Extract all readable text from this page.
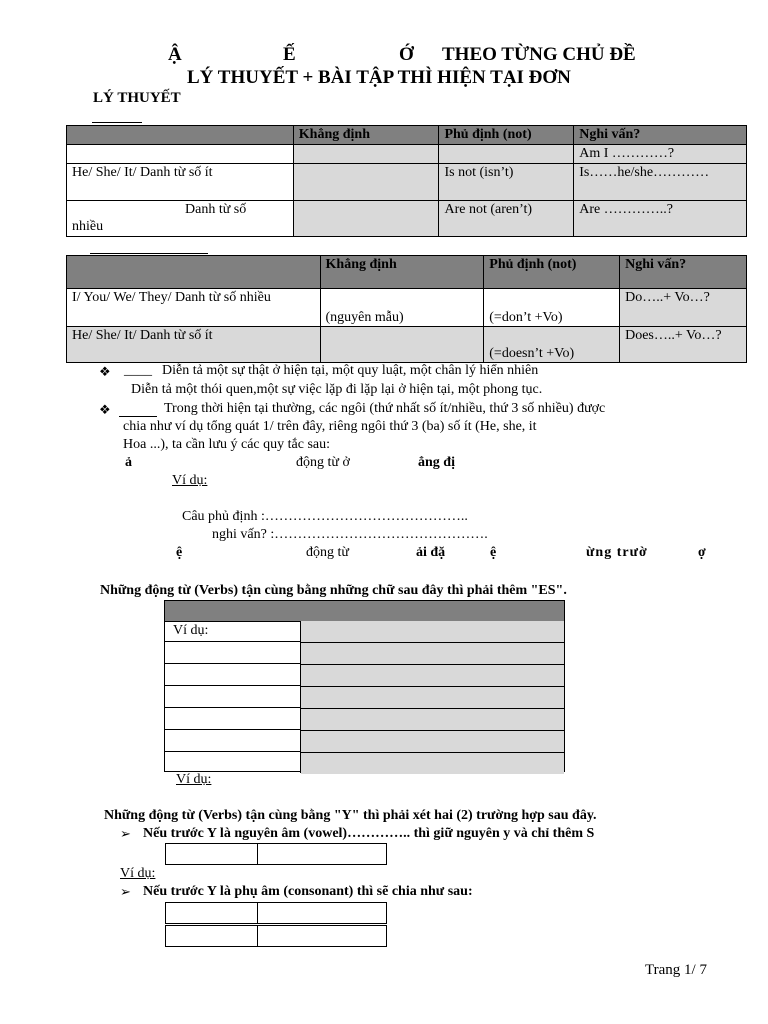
Ậ	Ế	Ớ THEO TỪNG CHỦ ĐỀ
LÝ THUYẾT + BÀI TẬP THÌ HIỆN TẠI ĐƠN
LÝ THUYẾT
	Khẳng định	Phủ định (not)	Nghi vấn?
			Am I …………?
He/ She/ It/ Danh từ số ít		Is not (isn’t)	Is……he/she…………

Danh từ số
nhiều		Are not (aren’t)	Are …………..?
	Khẳng định	Phủ định (not)	Nghi vấn?
I/ You/ We/ They/ Danh từ số nhiều	(nguyên mẫu)	(=don’t +Vo)	Do…..+ Vo…?
He/ She/ It/ Danh từ số ít		(=doesn’t +Vo)	Does…..+ Vo…?
❖ ____ Diễn tả một sự thật ở hiện tại, một quy luật, một chân lý hiển nhiên
Diễn tả một thói quen,một sự việc lặp đi lặp lại ở hiện tại, một phong tục.
❖	Trong thời hiện tại thường, các ngôi (thứ nhất số ít/nhiều, thứ 3 số nhiều) được
chia như ví dụ tổng quát 1/ trên đây, riêng ngôi thứ 3 (ba) số ít (He, she, it
Hoa ...), ta cần lưu ý các quy tắc sau:
ả	động từ ở	ẳng đị
Ví dụ:
Câu phủ định :……………………………………..
nghi vấn? :……………………………………….
ệ	động từ	ải đặ	ệ	ừng trườ	ợ
Những động từ (Verbs) tận cùng bằng những chữ sau đây thì phải thêm "ES".
Ví dụ:
Ví dụ:
Những động từ (Verbs) tận cùng bằng "Y" thì phải xét hai (2) trường hợp sau đây.
➢ Nếu trước Y là nguyên âm (vowel)………….. thì giữ nguyên y và chỉ thêm S
Ví dụ:
➢ Nếu trước Y là phụ âm (consonant) thì sẽ chia như sau:
Trang 1/ 7
